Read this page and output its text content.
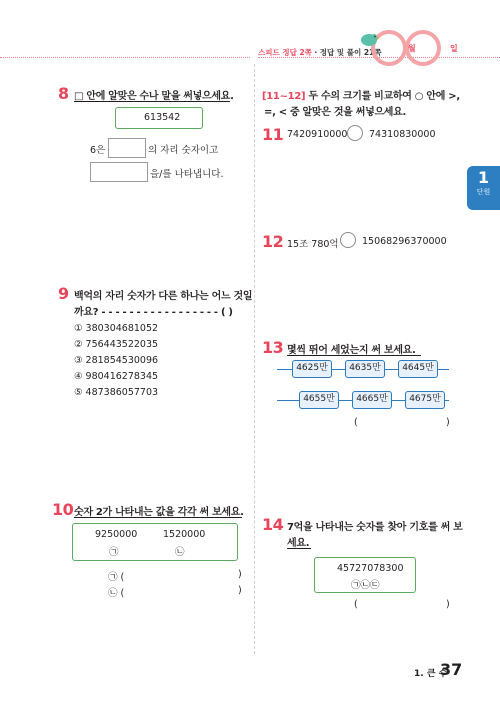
스피드 정답 2쪽 · 정답 및 풀이 21쪽	월	일
1
단원
8 □ 안에 알맞은 수나 말을 써넣으세요.
613542
6은	의 자리 숫자이고
을/를 나타냅니다.
9 백억의 자리 숫자가 다른 하나는 어느 것일
까요? - - - - - - - - - - - - - - - - - ( )
① 380304681052
② 756443522035
③ 281854530096
④ 980416278345
⑤ 487386057703
10 숫자 2가 나타내는 값을 각각 써 보세요.
9250000	1520000
㉠	㉡
㉠ (	)
㉡ (	)
[11~12] 두 수의 크기를 비교하여 ○ 안에 >,
=, < 중 알맞은 것을 써넣으세요.
11 7420910000 74310830000
12 15조 780억 15068296370000
13 몇씩 뛰어 세었는지 써 보세요.
4625만	4635만	4645만
4655만	4665만	4675만
(	)
14 7억을 나타내는 숫자를 찾아 기호를 써 보
세요.
45727078300
㉠㉡㉢
(	)
1. 큰 수
37
